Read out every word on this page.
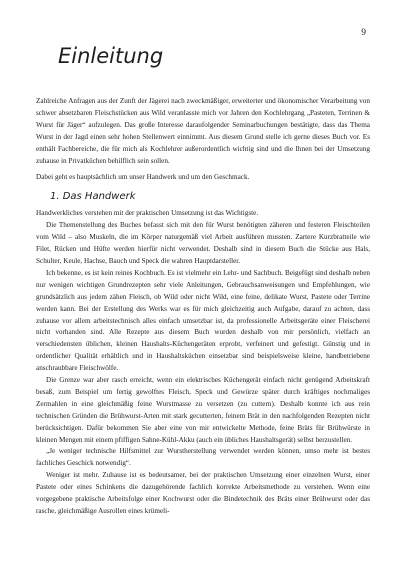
9
Einleitung

Zahlreiche Anfragen aus der Zunft der Jägerei nach zweckmäßiger, erweiterter und ökonomischer Verarbeitung von schwer absetzbaren Fleischstücken aus Wild veranlasste mich vor Jahren den Kochlehrgang „Pasteten, Terrinen & Wurst für Jäger“ aufzulegen. Das große Interesse daraufolgender Seminarbuchungen bestätigte, dass das Thema Wurst in der Jagd einen sehr hohen Stellenwert einnimmt. Aus diesem Grund stelle ich gerne dieses Buch vor. Es enthält Fachbereiche, die für mich als Kochlehrer außerordentlich wichtig sind und die Ihnen bei der Umsetzung zuhause in Privatküchen behilflich sein sollen.

Dabei geht es hauptsächlich um unser Handwerk und um den Geschmack.

1. Das Handwerk

Handwerkliches verstehen mit der praktischen Umsetzung ist das Wichtigste.

Die Themenstellung des Buches befasst sich mit den für Wurst benötigten zäheren und festeren Fleischteilen vom Wild – also Muskeln, die im Körper naturgemäß viel Arbeit ausführen mussten. Zartere Kurzbratteile wie Filet, Rücken und Hüfte werden hierfür nicht verwendet. Deshalb sind in diesem Buch die Stücke aus Hals, Schulter, Keule, Hachse, Bauch und Speck die wahren Hauptdarsteller.

Ich bekenne, es ist kein reines Kochbuch. Es ist vielmehr ein Lehr- und Sachbuch. Beigefügt sind deshalb neben nur wenigen wichtigen Grundrezepten sehr viele Anleitungen, Gebrauchsanweisungen und Empfehlungen, wie grundsätzlich aus jedem zähen Fleisch, ob Wild oder nicht Wild, eine feine, delikate Wurst, Pastete oder Terrine werden kann. Bei der Erstellung des Werks war es für mich gleichzeitig auch Aufgabe, darauf zu achten, dass zuhause vor allem arbeitstechnisch alles einfach umsetzbar ist, da professionelle Arbeitsgeräte einer Fleischerei nicht vorhanden sind. Alle Rezepte aus diesem Buch wurden deshalb von mir persönlich, vielfach an verschiedensten üblichen, kleinen Haushalts-Küchengeräten erprobt, verfeinert und gefestigt. Günstig und in ordentlicher Qualität erhältlich und in Haushaltsküchen einsetzbar sind beispielsweise kleine, handbetriebene anschraubbare Fleischwölfe.

Die Grenze war aber rasch erreicht, wenn ein elektrisches Küchengerät einfach nicht genügend Arbeitskraft besaß, zum Beispiel um fertig gewolftes Fleisch, Speck und Gewürze später durch kräftiges nochmaliges Zermahlen in eine gleichmäßig feine Wurstmasse zu versetzen (zu cuttern). Deshalb konnte ich aus rein technischen Gründen die Brühwurst-Arten mit stark gecutterten, feinem Brät in den nachfolgenden Rezepten nicht berücksichtigen. Dafür bekommen Sie aber eine von mir entwickelte Methode, feine Bräts für Brühwürste in kleinen Mengen mit einem pfiffigen Sahne-Kühl-Akku (auch ein übliches Haushaltsgerät) selbst herzustellen.

„Je weniger technische Hilfsmittel zur Wurstherstellung verwendet werden können, umso mehr ist bestes fachliches Geschick notwendig“.

Weniger ist mehr. Zuhause ist es bedeutsamer, bei der praktischen Umsetzung einer einzelnen Wurst, einer Pastete oder eines Schinkens die dazugehörende fachlich korrekte Arbeitsmethode zu verstehen. Wenn eine vorgegebene praktische Arbeitsfolge einer Kochwurst oder die Bindetechnik des Bräts einer Brühwurst oder das rasche, gleichmäßige Ausrollen eines krümeli-
